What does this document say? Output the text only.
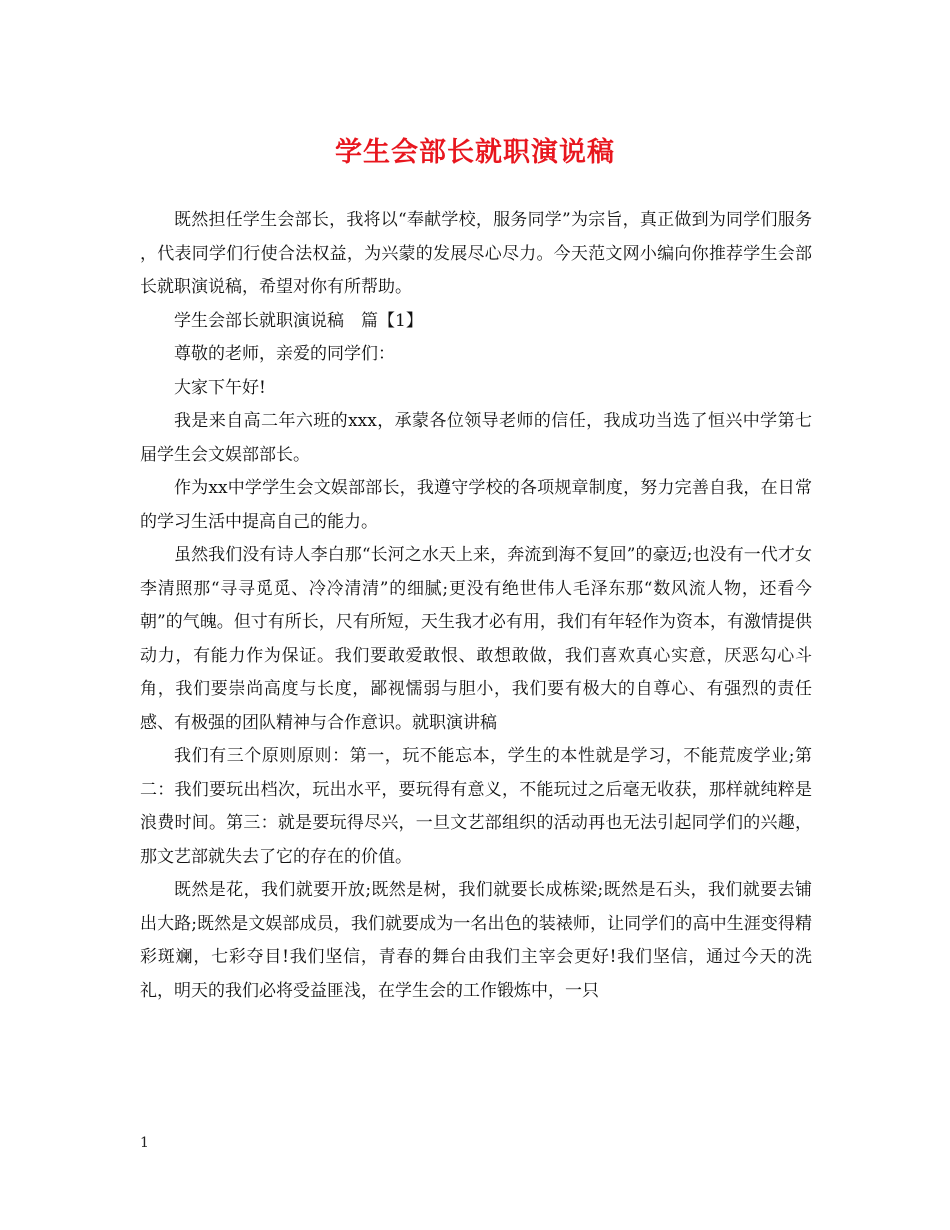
学生会部长就职演说稿

既然担任学生会部长，我将以“奉献学校，服务同学”为宗旨，真正做到为同学们服务 ，代表同学们行使合法权益，为兴蒙的发展尽心尽力。今天范文网小编向你推荐学生会部长就职演说稿，希望对你有所帮助。

学生会部长就职演说稿　篇【1】

尊敬的老师，亲爱的同学们：

大家下午好!

我是来自高二年六班的xxx，承蒙各位领导老师的信任，我成功当选了恒兴中学第七届学生会文娱部部长。

作为xx中学学生会文娱部部长，我遵守学校的各项规章制度，努力完善自我，在日常的学习生活中提高自己的能力。

虽然我们没有诗人李白那“长河之水天上来，奔流到海不复回”的豪迈;也没有一代才女李清照那“寻寻觅觅、冷冷清清”的细腻;更没有绝世伟人毛泽东那“数风流人物，还看今朝”的气魄。但寸有所长，尺有所短，天生我才必有用，我们有年轻作为资本，有激情提供动力，有能力作为保证。我们要敢爱敢恨、敢想敢做，我们喜欢真心实意，厌恶勾心斗角，我们要崇尚高度与长度，鄙视懦弱与胆小，我们要有极大的自尊心、有强烈的责任感、有极强的团队精神与合作意识。就职演讲稿

我们有三个原则原则：第一，玩不能忘本，学生的本性就是学习，不能荒废学业;第二：我们要玩出档次，玩出水平，要玩得有意义，不能玩过之后毫无收获，那样就纯粹是浪费时间。第三：就是要玩得尽兴，一旦文艺部组织的活动再也无法引起同学们的兴趣，那文艺部就失去了它的存在的价值。

既然是花，我们就要开放;既然是树，我们就要长成栋梁;既然是石头，我们就要去铺出大路;既然是文娱部成员，我们就要成为一名出色的装裱师，让同学们的高中生涯变得精彩斑斓，七彩夺目!我们坚信，青春的舞台由我们主宰会更好!我们坚信，通过今天的洗礼，明天的我们必将受益匪浅，在学生会的工作锻炼中，一只

1
